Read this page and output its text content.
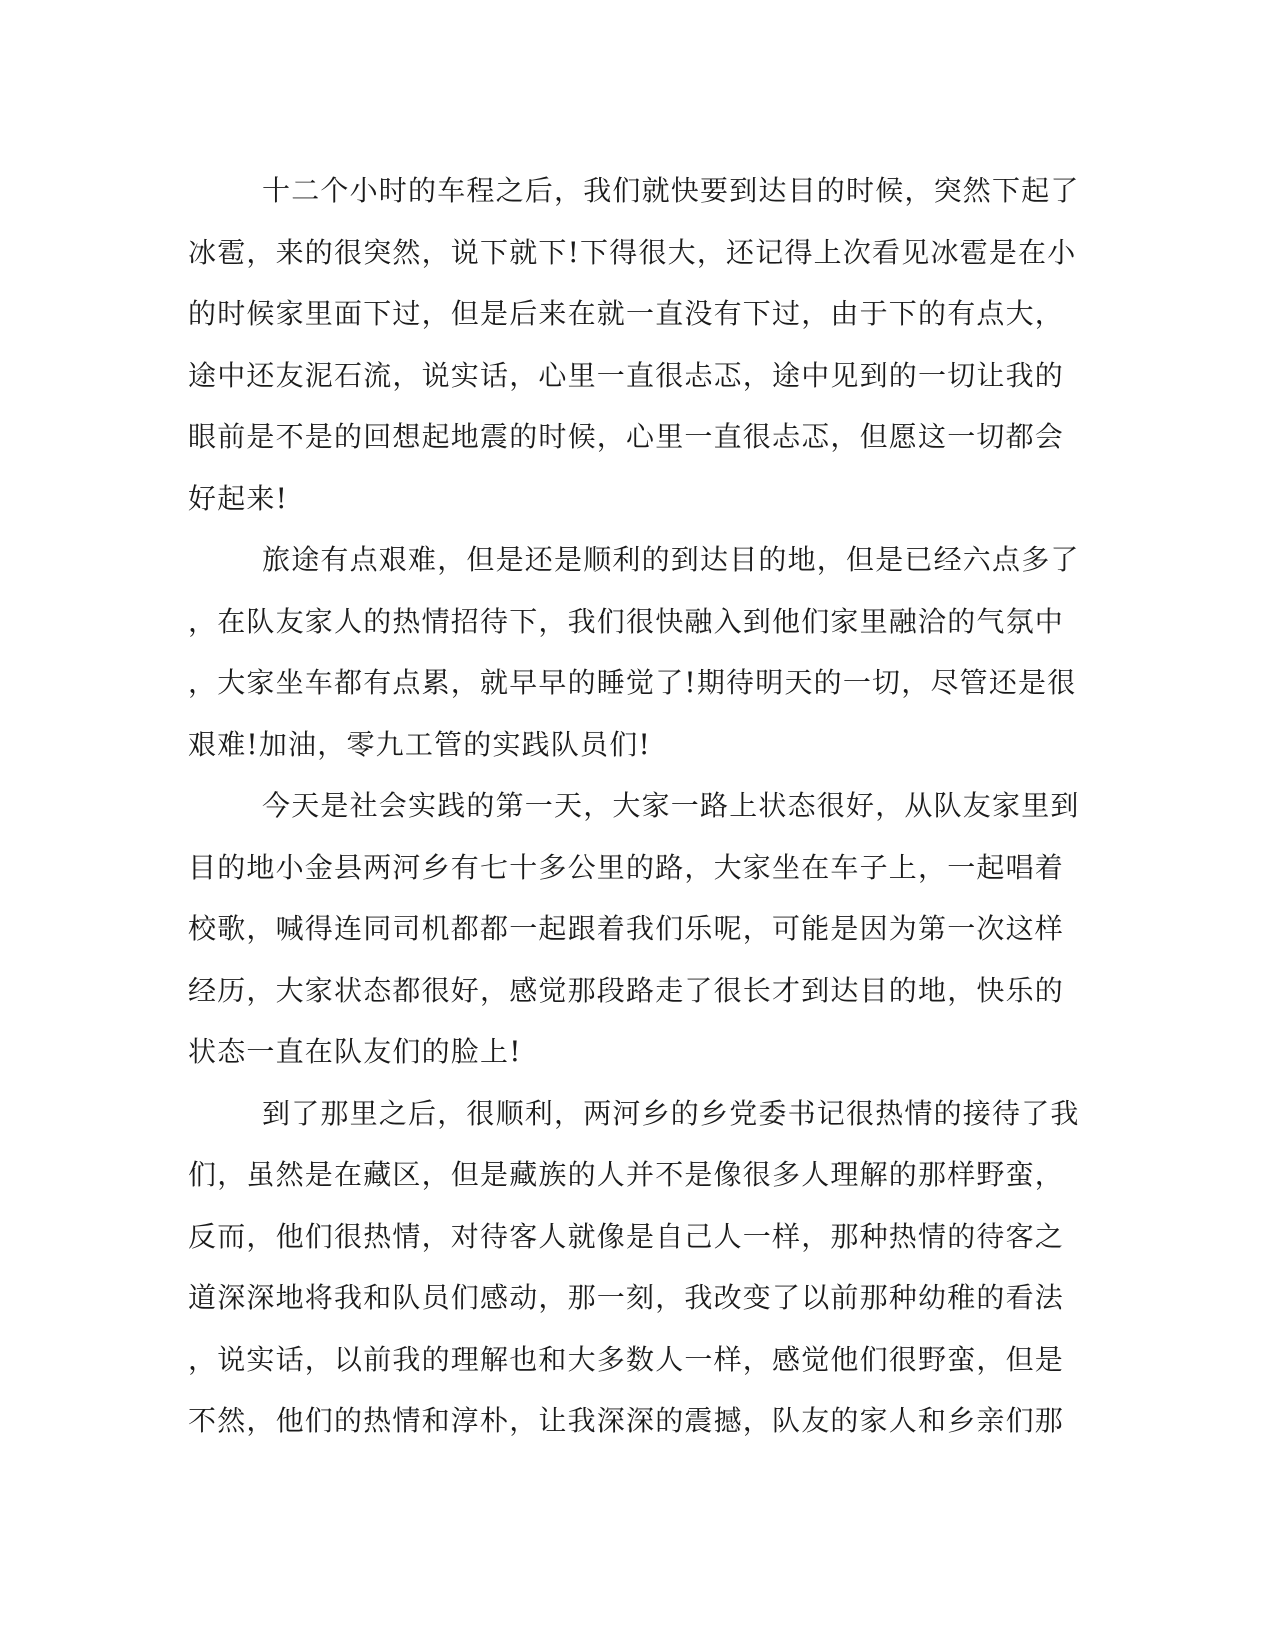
十二个小时的车程之后，我们就快要到达目的时候，突然下起了
冰雹，来的很突然，说下就下!下得很大，还记得上次看见冰雹是在小
的时候家里面下过，但是后来在就一直没有下过，由于下的有点大，
途中还友泥石流，说实话，心里一直很忐忑，途中见到的一切让我的
眼前是不是的回想起地震的时候，心里一直很忐忑，但愿这一切都会
好起来!
旅途有点艰难，但是还是顺利的到达目的地，但是已经六点多了
，在队友家人的热情招待下，我们很快融入到他们家里融洽的气氛中
，大家坐车都有点累，就早早的睡觉了!期待明天的一切，尽管还是很
艰难!加油，零九工管的实践队员们!
今天是社会实践的第一天，大家一路上状态很好，从队友家里到
目的地小金县两河乡有七十多公里的路，大家坐在车子上，一起唱着
校歌，喊得连同司机都都一起跟着我们乐呢，可能是因为第一次这样
经历，大家状态都很好，感觉那段路走了很长才到达目的地，快乐的
状态一直在队友们的脸上!
到了那里之后，很顺利，两河乡的乡党委书记很热情的接待了我
们，虽然是在藏区，但是藏族的人并不是像很多人理解的那样野蛮，
反而，他们很热情，对待客人就像是自己人一样，那种热情的待客之
道深深地将我和队员们感动，那一刻，我改变了以前那种幼稚的看法
，说实话，以前我的理解也和大多数人一样，感觉他们很野蛮，但是
不然，他们的热情和淳朴，让我深深的震撼，队友的家人和乡亲们那
